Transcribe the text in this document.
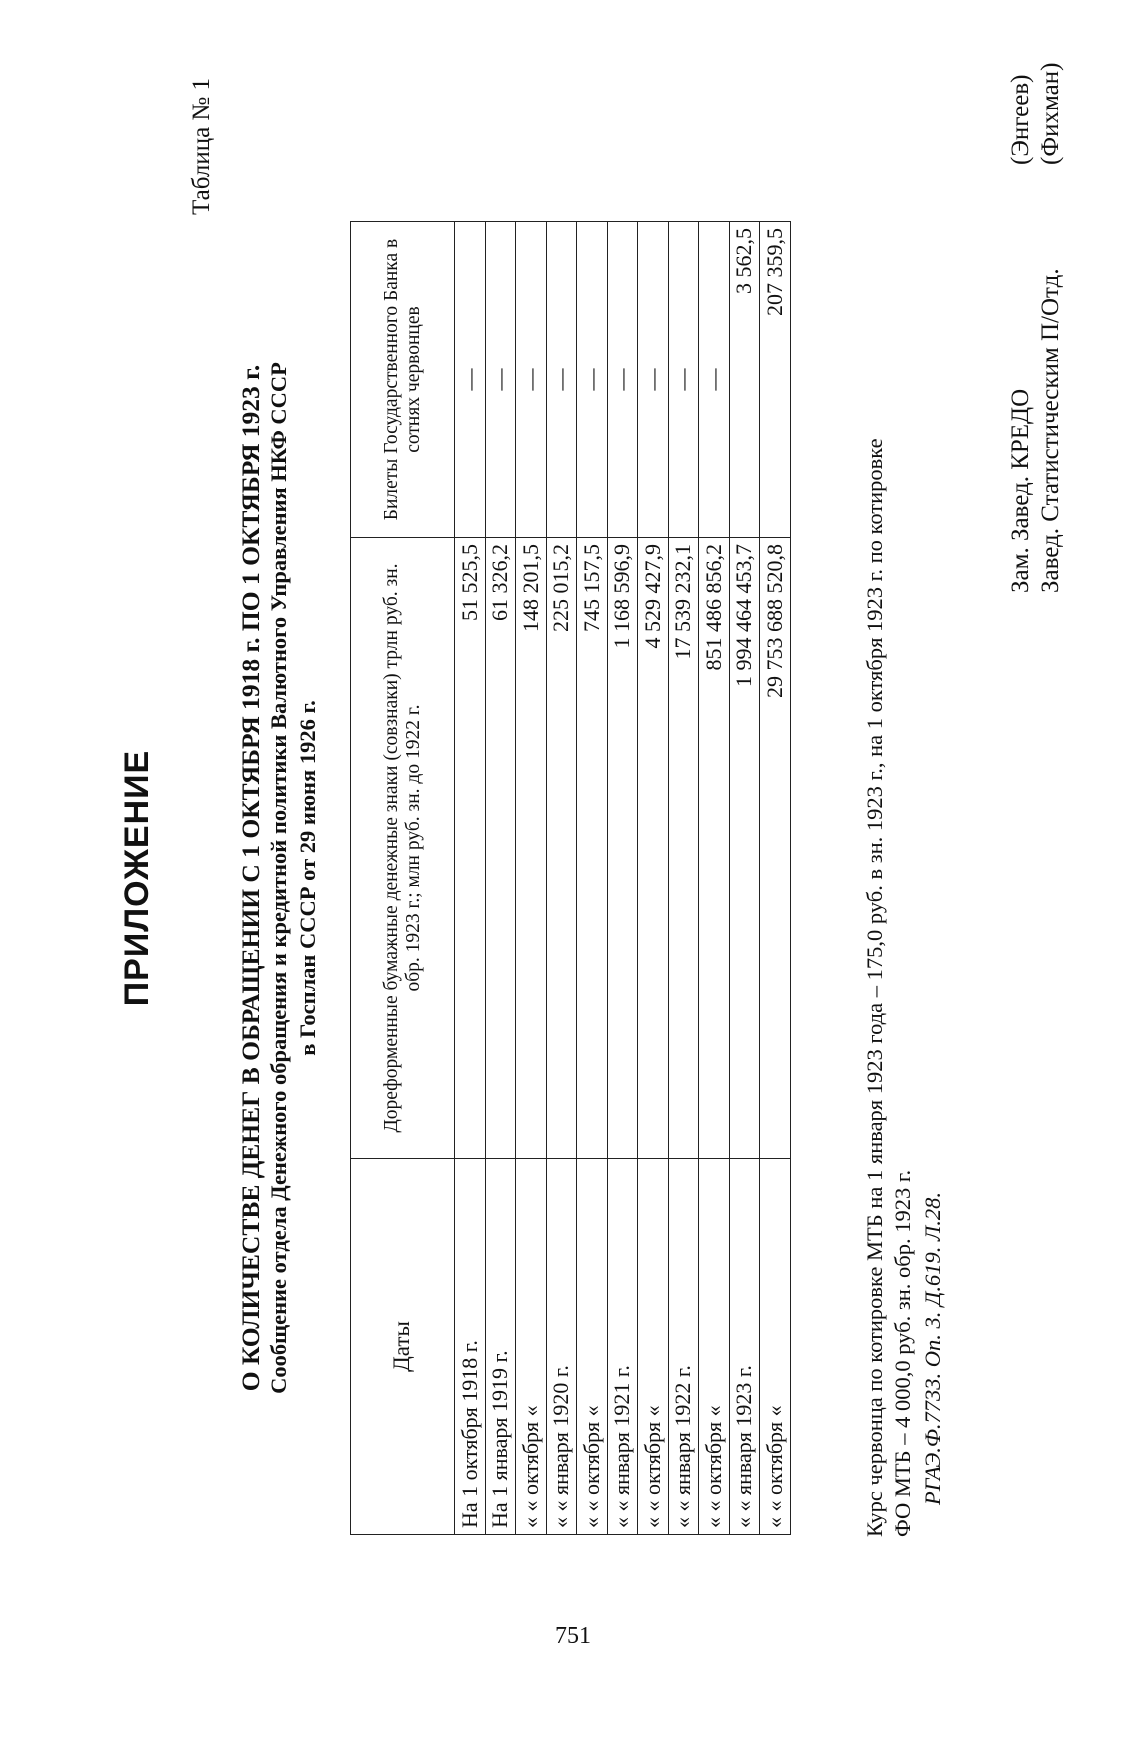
Таблица № 1
ПРИЛОЖЕНИЕ	О КОЛИЧЕСТВЕ ДЕНЕГ В ОБРАЩЕНИИ С 1 ОКТЯБРЯ 1918 г. ПО 1 ОКТЯБРЯ 1923 г. Сообщение отдела Денежного обращения и кредитной политики Валютного Управления НКФ СССР в Госплан СССР от 29 июня 1926 г.
Даты	Дореформенные бумажные денежные знаки (совзнаки) трлн руб. зн. обр. 1923 г.; млн руб. зн. до 1922 г.	Билеты Государственного Банка в сотнях червонцев
На 1 октября 1918 г.	51 525,5	—
На 1 января 1919 г.	61 326,2	—
« « октября «	148 201,5	—
« « января 1920 г.	225 015,2	—
« « октября «	745 157,5	—
« « января 1921 г.	1 168 596,9	—
« « октября «	4 529 427,9	—
« « января 1922 г.	17 539 232,1	—
« « октября «	851 486 856,2	—
« « января 1923 г.	1 994 464 453,7	3 562,5
« « октября «	29 753 688 520,8	207 359,5
Курс червонца по котировке МТБ на 1 января 1923 года – 175,0 руб. в зн. 1923 г., на 1 октября 1923 г. по котировке ФО МТБ – 4 000,0 руб. зн. обр. 1923 г. РГАЭ.Ф.7733. Оп. 3. Д.619. Л.28.
Зам. Завед. КРЕДО
(Энгеев)
Завед. Статистическим П/Отд.
(Фихман)
751
